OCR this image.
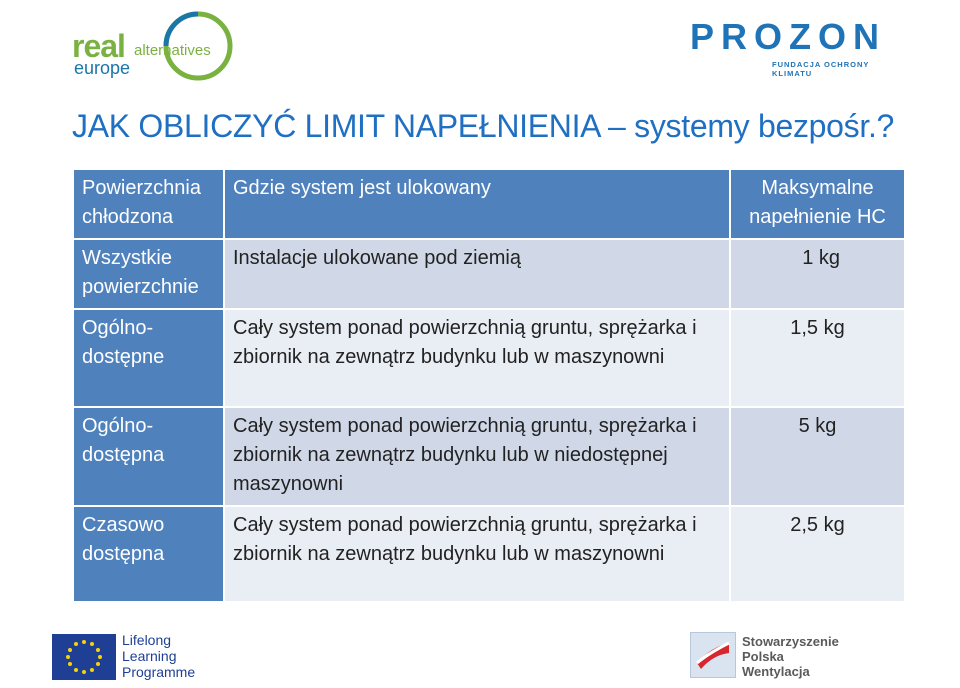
real alternatives
europe
PROZON
FUNDACJA OCHRONY KLIMATU
JAK OBLICZYĆ LIMIT NAPEŁNIENIA – systemy bezpośr.?
Powierzchnia chłodzona	Gdzie system jest ulokowany	Maksymalne napełnienie HC
Wszystkie powierzchnie	Instalacje ulokowane pod ziemią	1 kg
Ogólno-dostępne	Cały system ponad powierzchnią gruntu, sprężarka i zbiornik na zewnątrz budynku lub w maszynowni	1,5 kg
Ogólno-dostępna	Cały system ponad powierzchnią gruntu, sprężarka i zbiornik na zewnątrz budynku lub w niedostępnej maszynowni	5 kg
Czasowo dostępna	Cały system ponad powierzchnią gruntu, sprężarka i zbiornik na zewnątrz budynku lub w maszynowni	2,5 kg
Lifelong
Learning
Programme
Stowarzyszenie
Polska
Wentylacja
